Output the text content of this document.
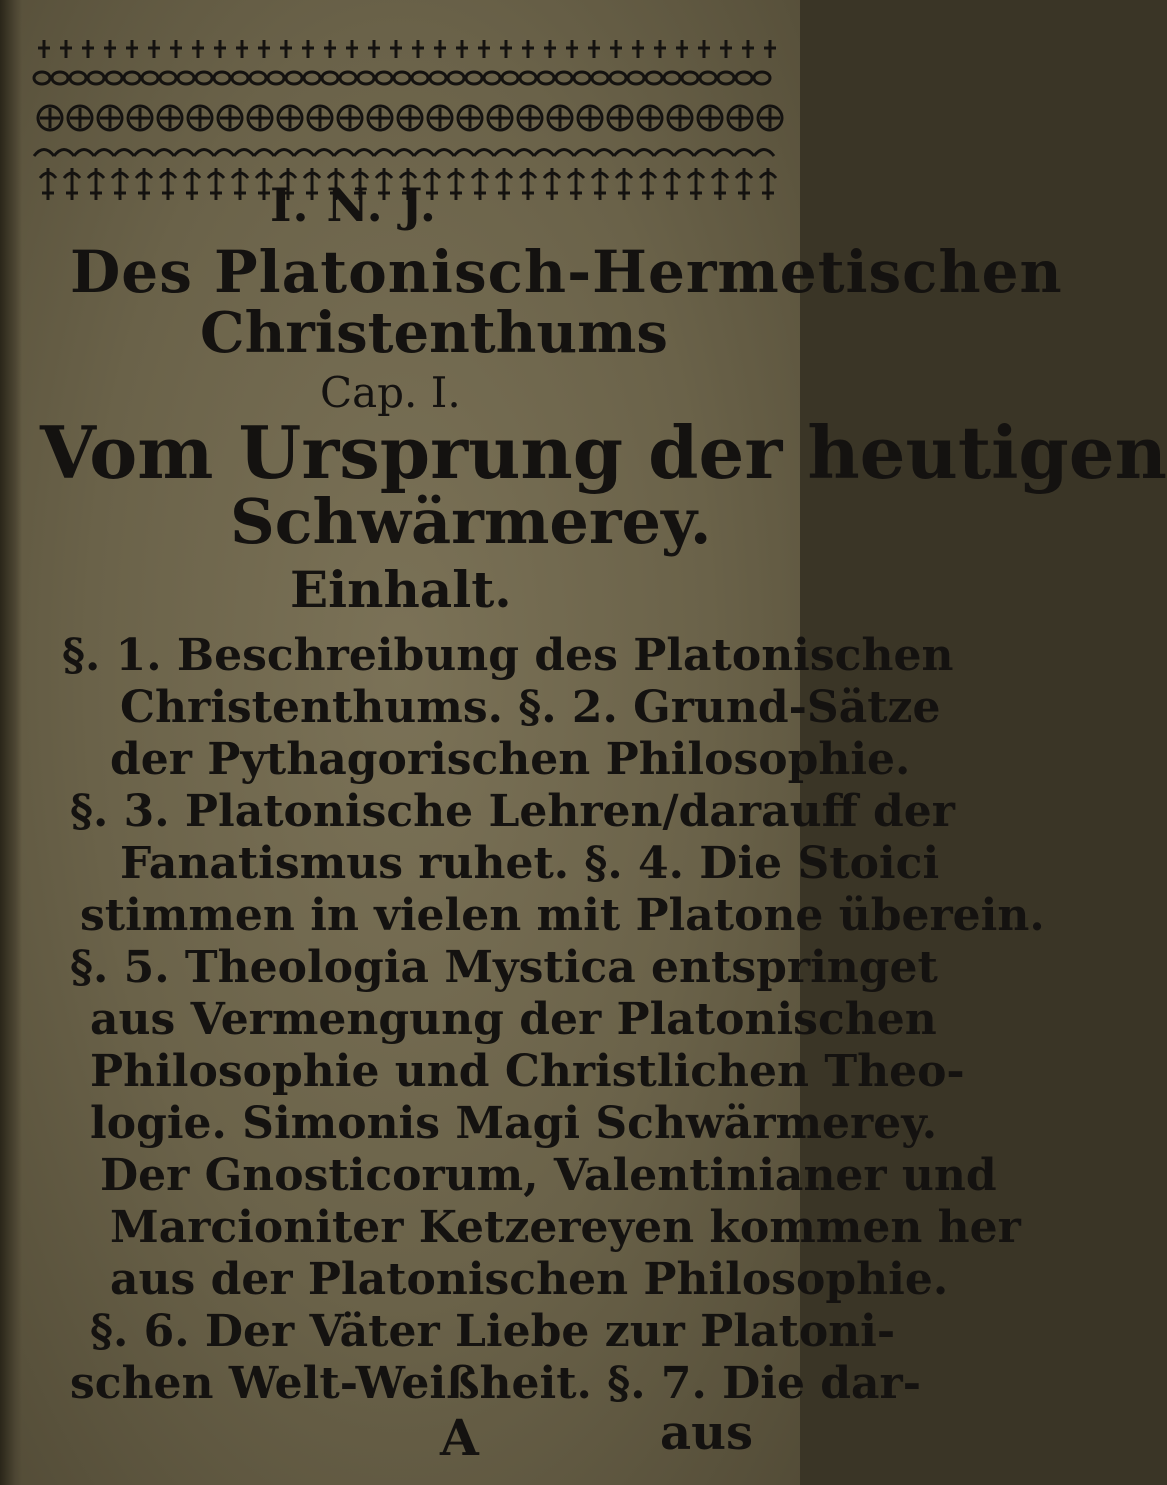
I. N. J.
Des Platonisch-Hermetischen
Christenthums
Cap. I.
Vom Ursprung der heutigen
Schwärmerey.
Einhalt.
§. 1. Beschreibung des Platonischen
Christenthums. §. 2. Grund-Sätze
der Pythagorischen Philosophie.
§. 3. Platonische Lehren/darauff der
Fanatismus ruhet. §. 4. Die Stoici
stimmen in vielen mit Platone überein.
§. 5. Theologia Mystica entspringet
aus Vermengung der Platonischen
Philosophie und Christlichen Theo-
logie. Simonis Magi Schwärmerey.
Der Gnosticorum, Valentinianer und
Marcioniter Ketzereyen kommen her
aus der Platonischen Philosophie.
§. 6. Der Väter Liebe zur Platoni-
schen Welt-Weißheit. §. 7. Die dar-
A	aus
